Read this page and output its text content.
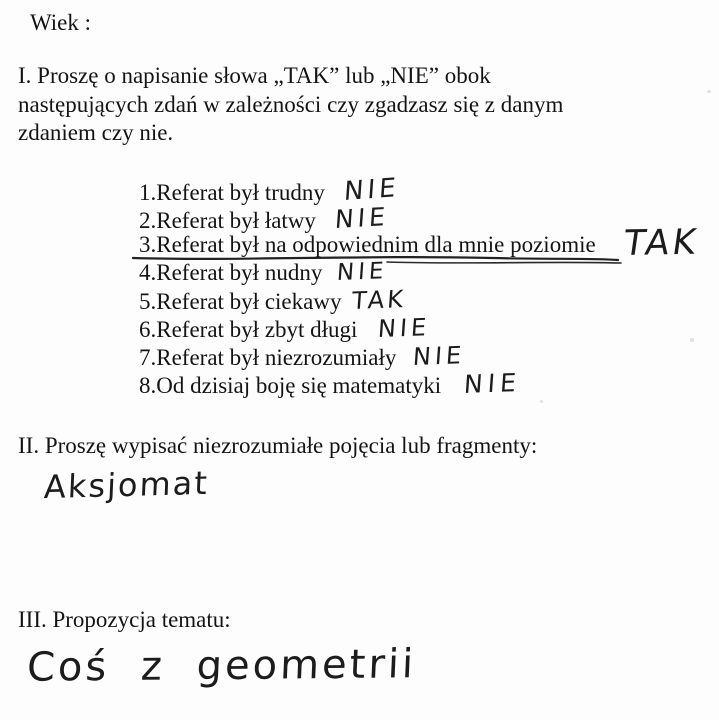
Wiek :
I. Proszę o napisanie słowa „TAK” lub „NIE” obok
następujących zdań w zależności czy zgadzasz się z danym
zdaniem czy nie.
1.Referat był trudny NIE
2.Referat był łatwy NIE
3.Referat był na odpowiednim dla mnie poziomie TAK
4.Referat był nudny NIE
5.Referat był ciekawy TAK
6.Referat był zbyt długi NIE
7.Referat był niezrozumiały NIE
8.Od dzisiaj boję się matematyki NIE
II. Proszę wypisać niezrozumiałe pojęcia lub fragmenty:
Aksjomat
III. Propozycja tematu:
Coś z geometrii
